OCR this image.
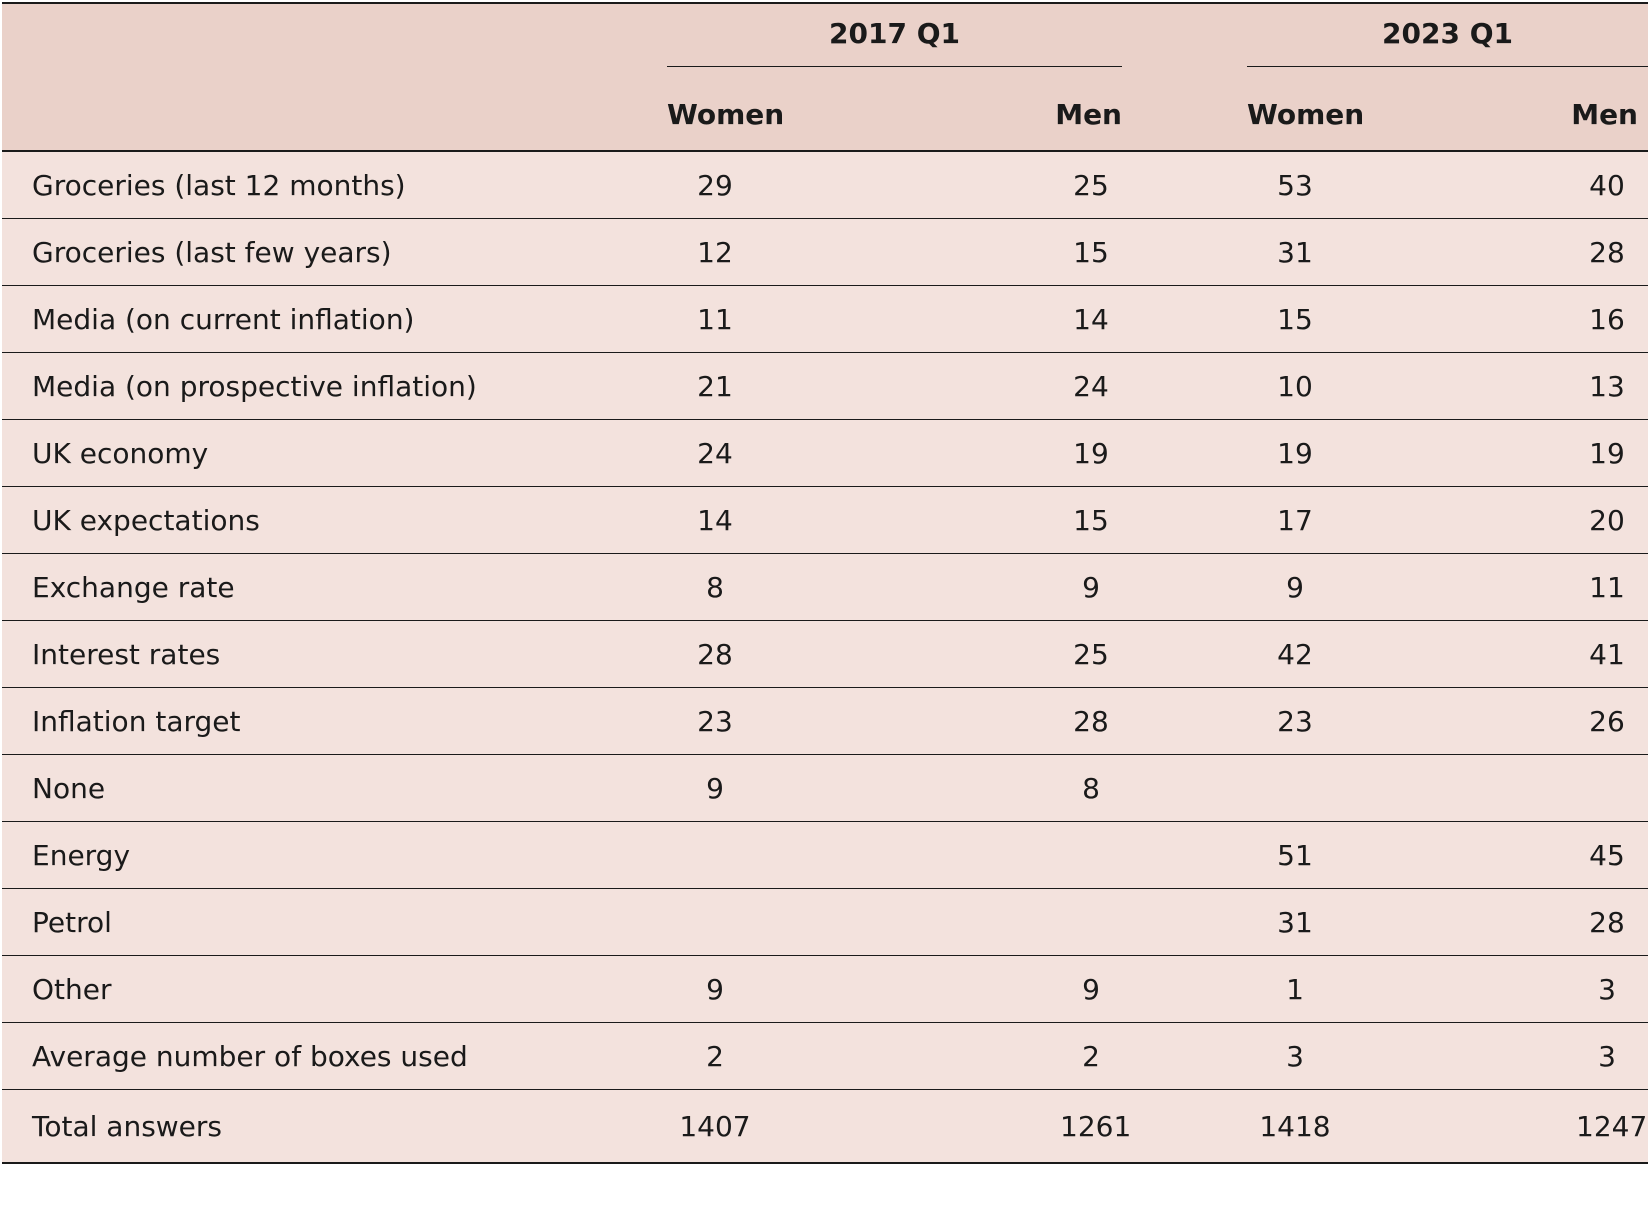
	2017 Q1		2023 Q1	

	Women	Men	Women	Men
Groceries (last 12 months)	29	25	53	40
Groceries (last few years)	12	15	31	28
Media (on current inflation)	11	14	15	16
Media (on prospective inflation)	21	24	10	13
UK economy	24	19	19	19
UK expectations	14	15	17	20
Exchange rate	8	9	9	11
Interest rates	28	25	42	41
Inflation target	23	28	23	26
None	9	8		
Energy			51	45
Petrol			31	28
Other	9	9	1	3
Average number of boxes used	2	2	3	3
Total answers	1407	1261	1418	1247
